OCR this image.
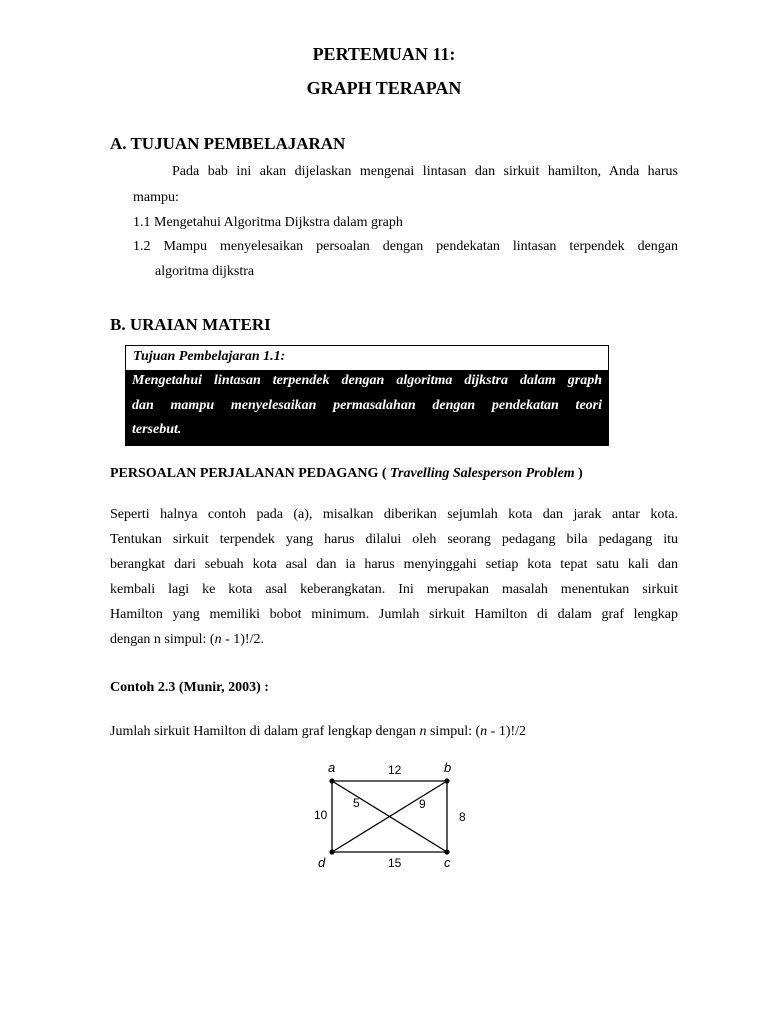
PERTEMUAN 11:
GRAPH TERAPAN
A. TUJUAN PEMBELAJARAN
Pada bab ini akan dijelaskan mengenai lintasan dan sirkuit hamilton, Anda harus
mampu:
1.1 Mengetahui Algoritma Dijkstra dalam graph
1.2 Mampu menyelesaikan persoalan dengan pendekatan lintasan terpendek dengan
algoritma dijkstra
B. URAIAN MATERI
Tujuan Pembelajaran 1.1:
Mengetahui lintasan terpendek dengan algoritma dijkstra dalam graph
dan mampu menyelesaikan permasalahan dengan pendekatan teori
tersebut.
PERSOALAN PERJALANAN PEDAGANG ( Travelling Salesperson Problem )
Seperti halnya contoh pada (a), misalkan diberikan sejumlah kota dan jarak antar kota.
Tentukan sirkuit terpendek yang harus dilalui oleh seorang pedagang bila pedagang itu
berangkat dari sebuah kota asal dan ia harus menyinggahi setiap kota tepat satu kali dan
kembali lagi ke kota asal keberangkatan. Ini merupakan masalah menentukan sirkuit
Hamilton yang memiliki bobot minimum. Jumlah sirkuit Hamilton di dalam graf lengkap
dengan n simpul: (n - 1)!/2.
Contoh 2.3 (Munir, 2003) :
Jumlah sirkuit Hamilton di dalam graf lengkap dengan n simpul: (n - 1)!/2
a	b
c
d
12
8
15
10
5	9
